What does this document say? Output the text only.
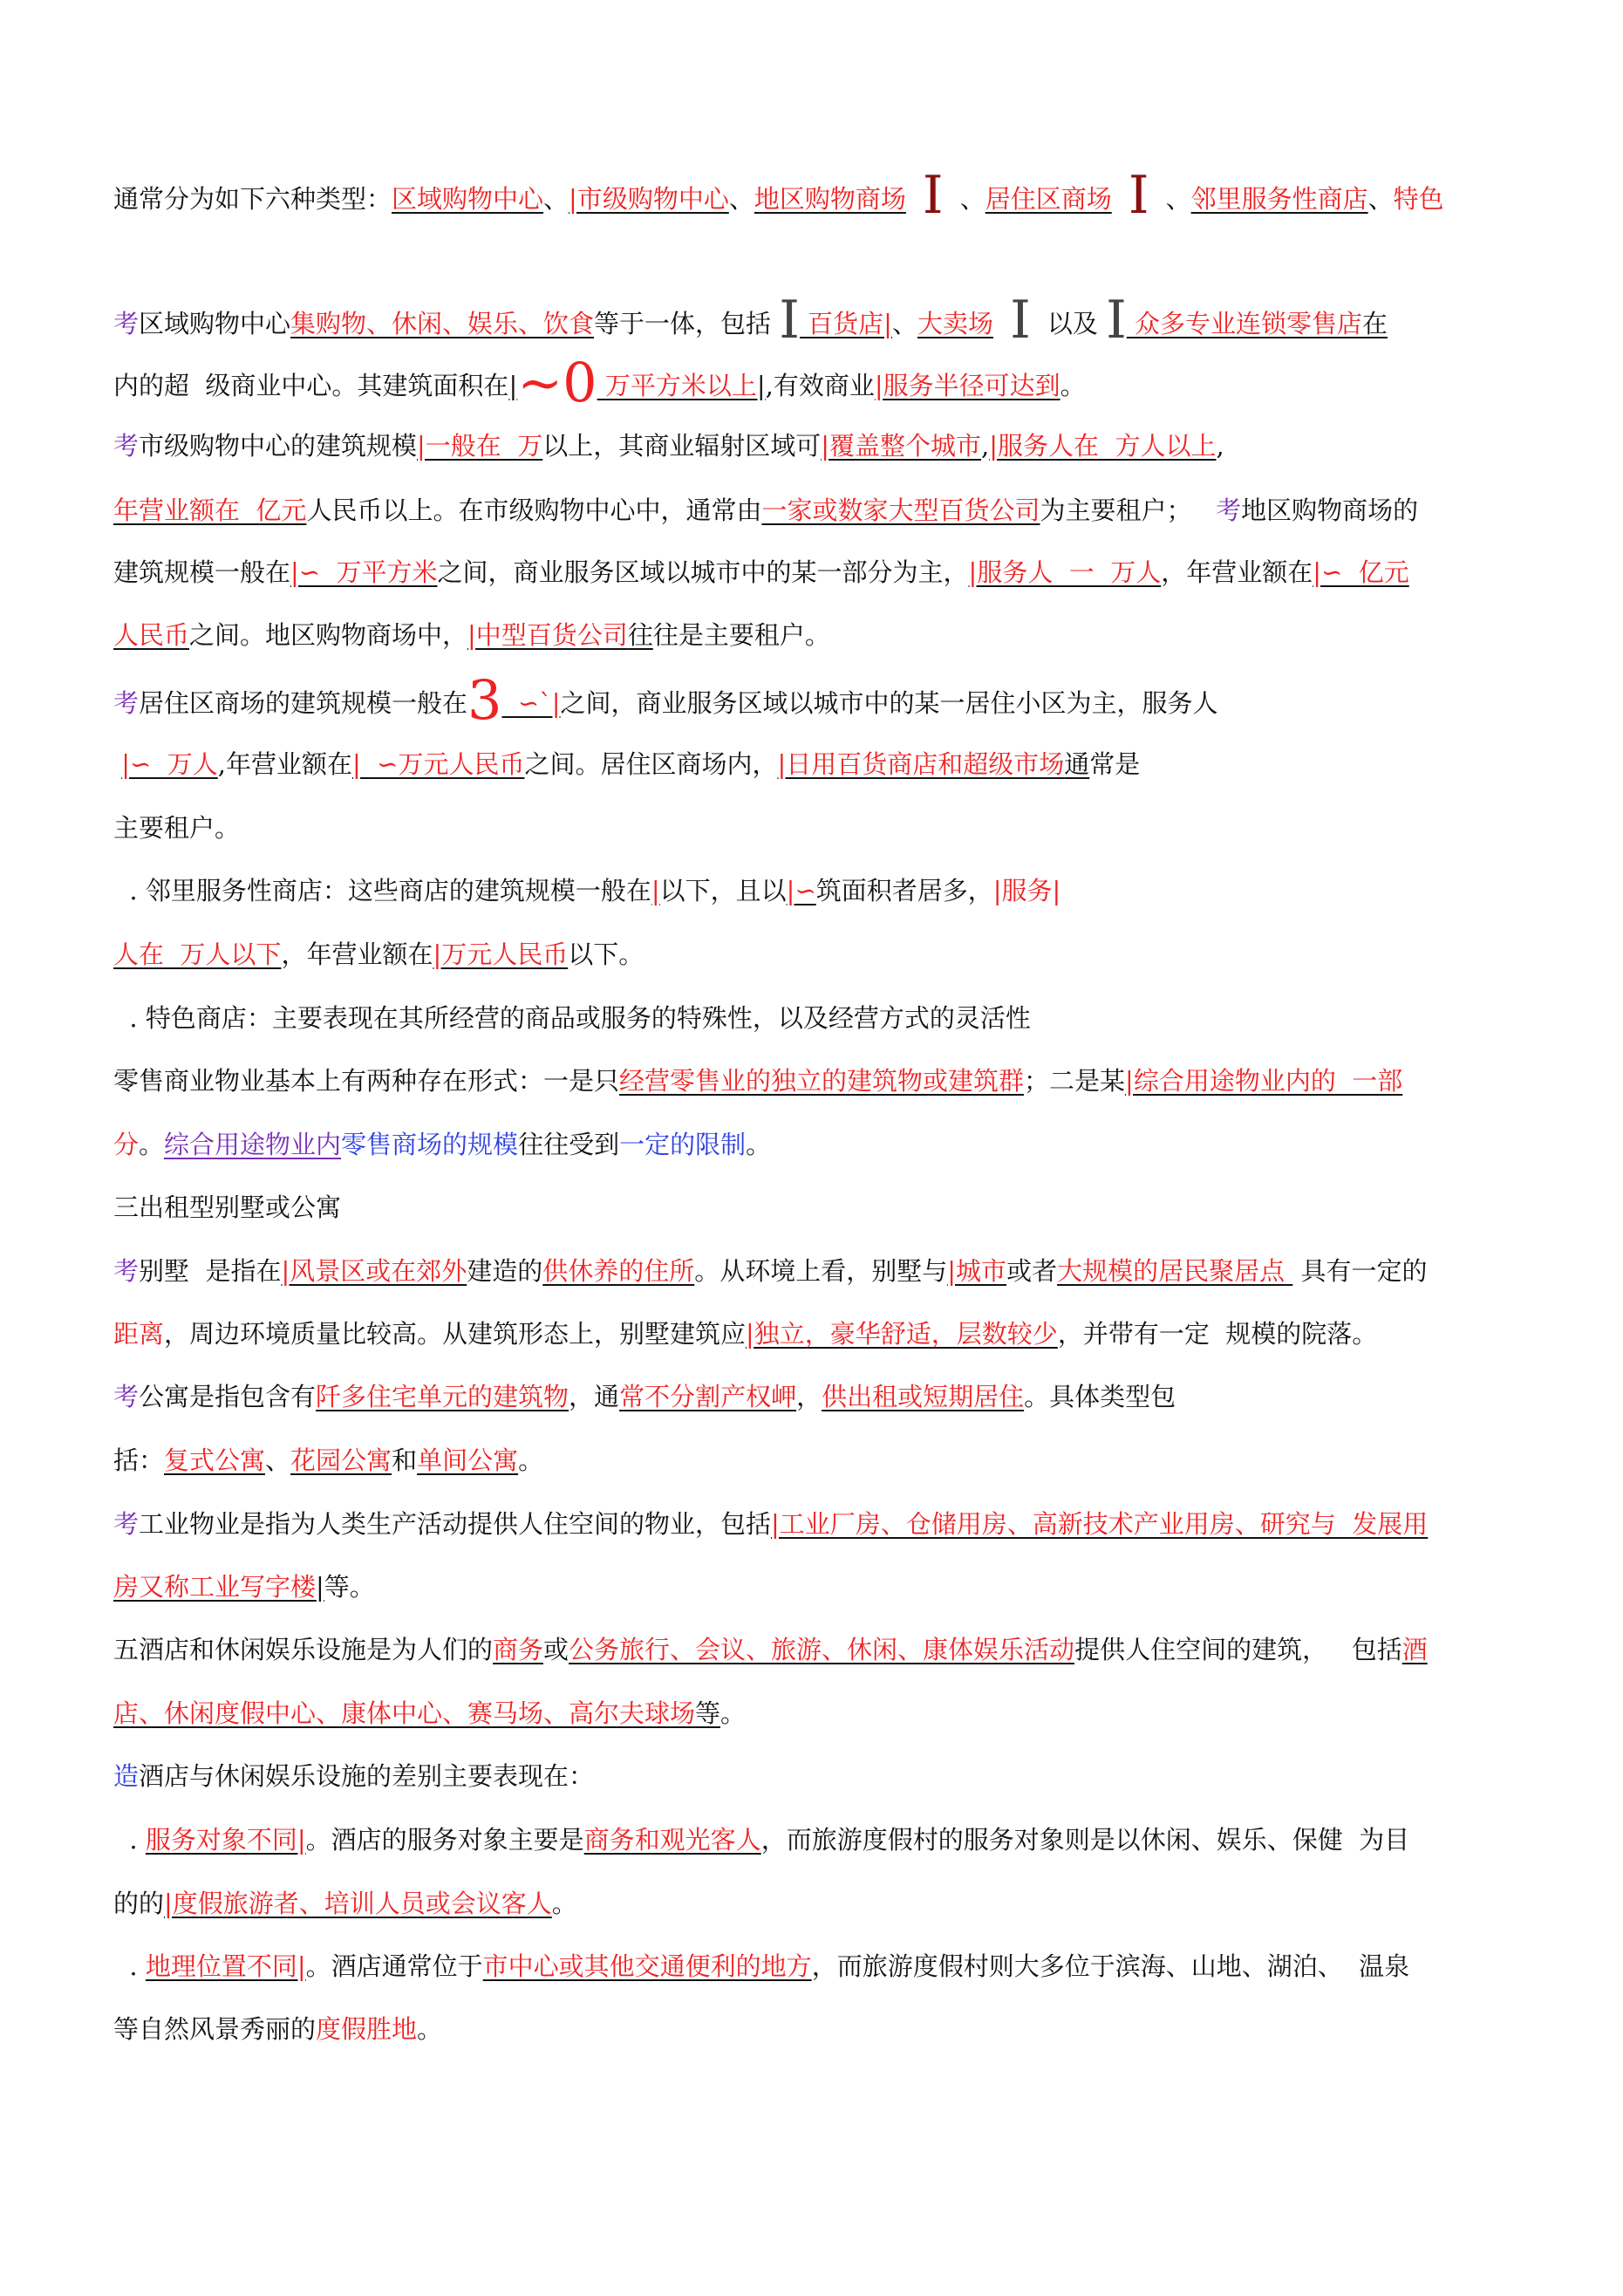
通常分为如下六种类型：区域购物中心、|市级购物中心、地区购物商场 I 、居住区商场 I 、邻里服务性商店、特色
考区域购物中心集购物、休闲、娱乐、饮食等于一体，包括 I 百货店|、大卖场 I 以及 I 众多专业连锁零售店在
内的超  级商业中心。其建筑面积在|~0 万平方米以上|,有效商业|服务半径可达到。
考市级购物中心的建筑规模|一般在  万以上，其商业辐射区域可|覆盖整个城市,|服务人在  方人以上,
年营业额在  亿元人民币以上。在市级购物中心中，通常由一家或数家大型百货公司为主要租户；   考地区购物商场的
建筑规模一般在|∽  万平方米之间，商业服务区域以城市中的某一部分为主，|服务人  一  万人，年营业额在|∽  亿元
人民币之间。地区购物商场中，|中型百货公司往往是主要租户。
考居住区商场的建筑规模一般在3  ∽`|之间，商业服务区域以城市中的某一居住小区为主，服务人
|∽  万人,年营业额在|  ∽万元人民币之间。居住区商场内，|日用百货商店和超级市场通常是
主要租户。
. 邻里服务性商店：这些商店的建筑规模一般在|以下，且以|∽筑面积者居多，|服务|
人在  万人以下，年营业额在|万元人民币以下。
. 特色商店：主要表现在其所经营的商品或服务的特殊性，以及经营方式的灵活性
零售商业物业基本上有两种存在形式：一是只经营零售业的独立的建筑物或建筑群；二是某|综合用途物业内的  一部
分。综合用途物业内零售商场的规模往往受到一定的限制。
三出租型别墅或公寓
考别墅  是指在|风景区或在郊外建造的供休养的住所。从环境上看，别墅与|城市或者大规模的居民聚居点  具有一定的
距离，周边环境质量比较高。从建筑形态上，别墅建筑应|独立，豪华舒适，层数较少，并带有一定  规模的院落。
考公寓是指包含有阡多住宅单元的建筑物，通常不分割产权岬，供出租或短期居住。具体类型包
括：复式公寓、花园公寓和单间公寓。
考工业物业是指为人类生产活动提供人住空间的物业，包括|工业厂房、仓储用房、高新技术产业用房、研究与  发展用
房又称工业写字楼|等。
五酒店和休闲娱乐设施是为人们的商务或公务旅行、会议、旅游、休闲、康体娱乐活动提供人住空间的建筑，   包括酒
店、休闲度假中心、康体中心、赛马场、高尔夫球场等。
造酒店与休闲娱乐设施的差别主要表现在：
. 服务对象不同|。酒店的服务对象主要是商务和观光客人，而旅游度假村的服务对象则是以休闲、娱乐、保健  为目
的的|度假旅游者、培训人员或会议客人。
. 地理位置不同|。酒店通常位于市中心或其他交通便利的地方，而旅游度假村则大多位于滨海、山地、湖泊、  温泉
等自然风景秀丽的度假胜地。
